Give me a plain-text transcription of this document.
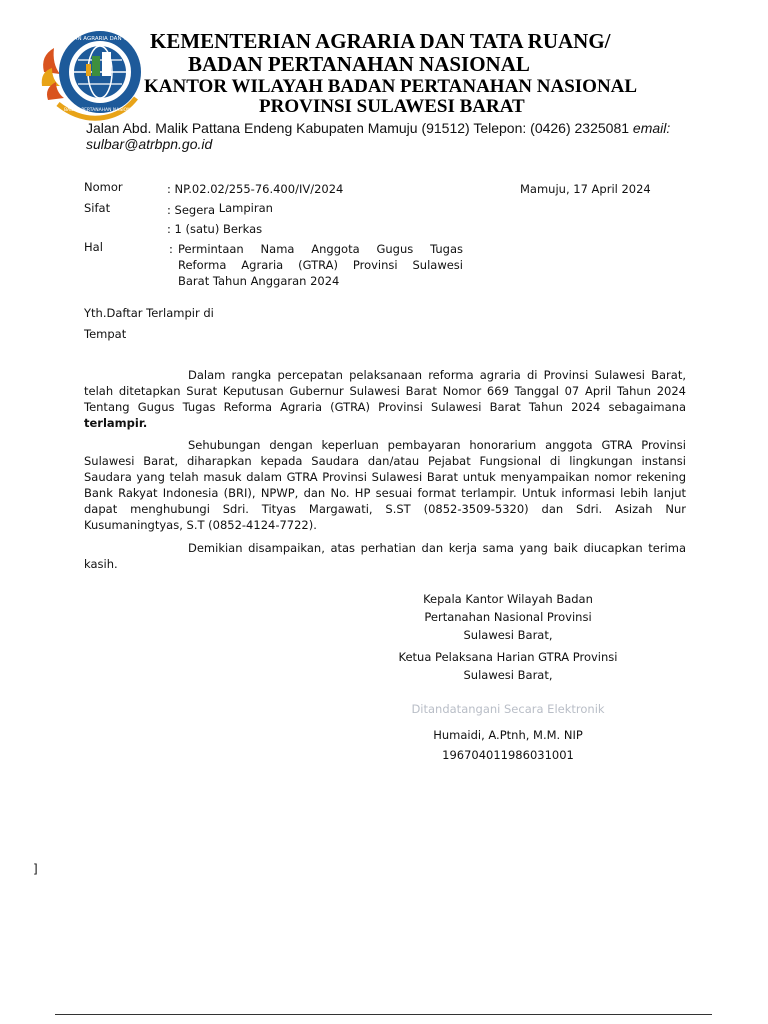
KEMENTERIAN AGRARIA DAN TATA RUANG
BADAN PERTANAHAN NASIONAL
KEMENTERIAN AGRARIA DAN TATA RUANG/
BADAN PERTANAHAN NASIONAL
KANTOR WILAYAH BADAN PERTANAHAN NASIONAL
PROVINSI SULAWESI BARAT
Jalan Abd. Malik Pattana Endeng Kabupaten Mamuju (91512) Telepon: (0426) 2325081 email:
sulbar@atrbpn.go.id
Nomor	: NP.02.02/255-76.400/IV/2024	Mamuju, 17 April 2024
Sifat	: Segera Lampiran
: 1 (satu) Berkas
Hal	: Permintaan Nama Anggota Gugus Tugas
Reforma Agraria (GTRA) Provinsi Sulawesi
Barat Tahun Anggaran 2024
Yth.Daftar Terlampir di
Tempat
Dalam rangka percepatan pelaksanaan reforma agraria di Provinsi Sulawesi Barat, telah ditetapkan Surat Keputusan Gubernur Sulawesi Barat Nomor 669 Tanggal 07 April Tahun 2024 Tentang Gugus Tugas Reforma Agraria (GTRA) Provinsi Sulawesi Barat Tahun 2024 sebagaimana terlampir.
Sehubungan dengan keperluan pembayaran honorarium anggota GTRA Provinsi Sulawesi Barat, diharapkan kepada Saudara dan/atau Pejabat Fungsional di lingkungan instansi Saudara yang telah masuk dalam GTRA Provinsi Sulawesi Barat untuk menyampaikan nomor rekening Bank Rakyat Indonesia (BRI), NPWP, dan No. HP sesuai format terlampir. Untuk informasi lebih lanjut dapat menghubungi Sdri. Tityas Margawati, S.ST (0852-3509-5320) dan Sdri. Asizah Nur Kusumaningtyas, S.T (0852-4124-7722).
Demikian disampaikan, atas perhatian dan kerja sama yang baik diucapkan terima kasih.
Kepala Kantor Wilayah Badan
Pertanahan Nasional Provinsi
Sulawesi Barat,
Ketua Pelaksana Harian GTRA Provinsi
Sulawesi Barat,
Ditandatangani Secara Elektronik
Humaidi, A.Ptnh, M.M. NIP
196704011986031001
]
